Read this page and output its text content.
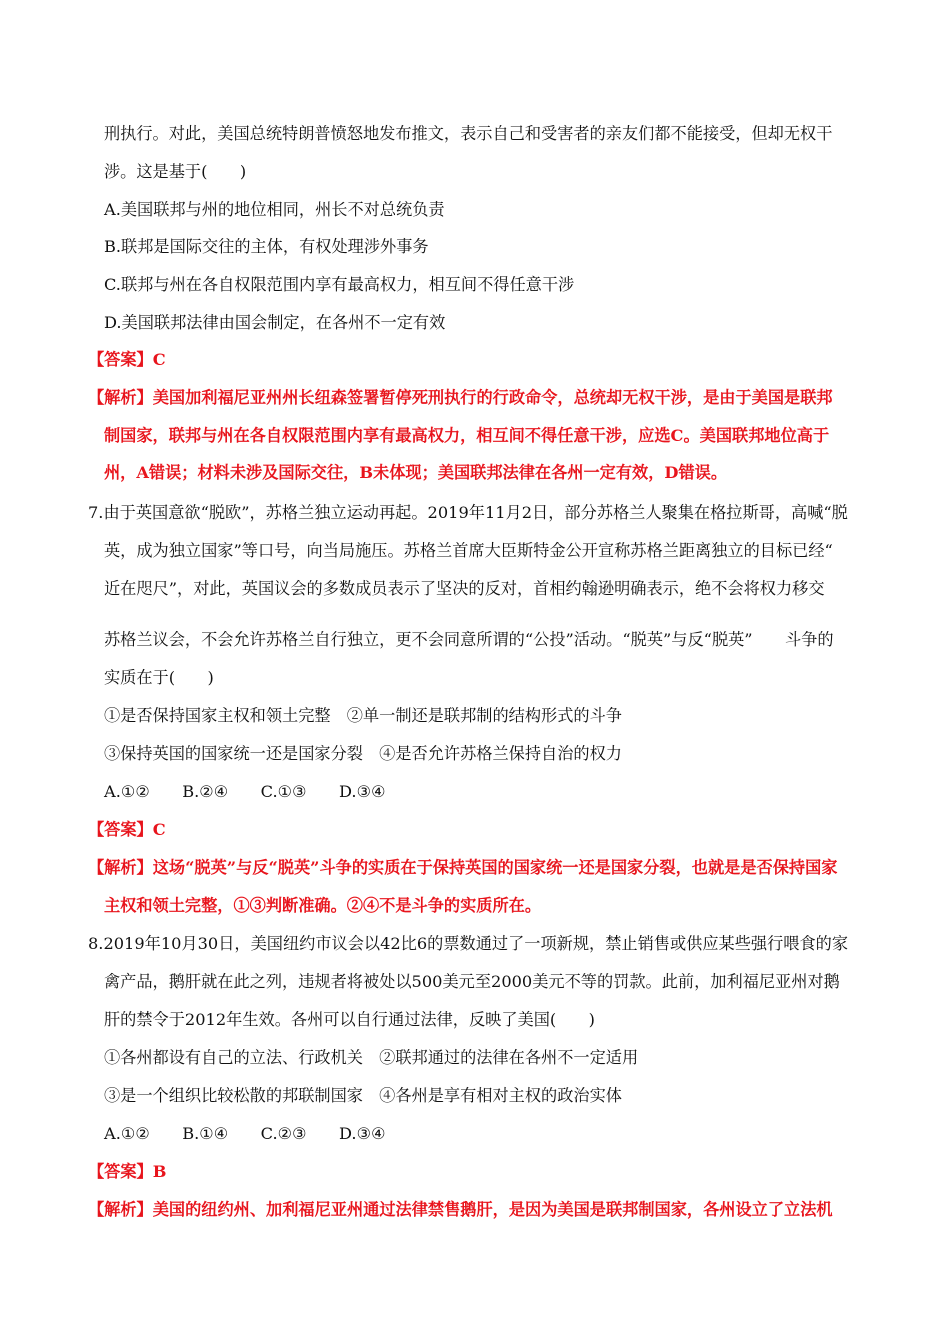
刑执行。对此，美国总统特朗普愤怒地发布推文，表示自己和受害者的亲友们都不能接受，但却无权干
涉。这是基于(　　)
A.美国联邦与州的地位相同，州长不对总统负责
B.联邦是国际交往的主体，有权处理涉外事务
C.联邦与州在各自权限范围内享有最高权力，相互间不得任意干涉
D.美国联邦法律由国会制定，在各州不一定有效
【答案】C
【解析】美国加利福尼亚州州长纽森签署暂停死刑执行的行政命令，总统却无权干涉，是由于美国是联邦
制国家，联邦与州在各自权限范围内享有最高权力，相互间不得任意干涉，应选C。美国联邦地位高于
州，A错误；材料未涉及国际交往，B未体现；美国联邦法律在各州一定有效，D错误。
7.由于英国意欲“脱欧”，苏格兰独立运动再起。2019年11月2日，部分苏格兰人聚集在格拉斯哥，高喊“脱
英，成为独立国家”等口号，向当局施压。苏格兰首席大臣斯特金公开宣称苏格兰距离独立的目标已经“
近在咫尺”，对此，英国议会的多数成员表示了坚决的反对，首相约翰逊明确表示，绝不会将权力移交
苏格兰议会，不会允许苏格兰自行独立，更不会同意所谓的“公投”活动。“脱英”与反“脱英”　　斗争的
实质在于(　　)
①是否保持国家主权和领土完整　②单一制还是联邦制的结构形式的斗争
③保持英国的国家统一还是国家分裂　④是否允许苏格兰保持自治的权力
A.①②　　B.②④　　C.①③　　D.③④
【答案】C
【解析】这场“脱英”与反“脱英”斗争的实质在于保持英国的国家统一还是国家分裂，也就是是否保持国家
主权和领土完整，①③判断准确。②④不是斗争的实质所在。
8.2019年10月30日，美国纽约市议会以42比6的票数通过了一项新规，禁止销售或供应某些强行喂食的家
禽产品，鹅肝就在此之列，违规者将被处以500美元至2000美元不等的罚款。此前，加利福尼亚州对鹅
肝的禁令于2012年生效。各州可以自行通过法律，反映了美国(　　)
①各州都设有自己的立法、行政机关　②联邦通过的法律在各州不一定适用
③是一个组织比较松散的邦联制国家　④各州是享有相对主权的政治实体
A.①②　　B.①④　　C.②③　　D.③④
【答案】B
【解析】美国的纽约州、加利福尼亚州通过法律禁售鹅肝，是因为美国是联邦制国家，各州设立了立法机
